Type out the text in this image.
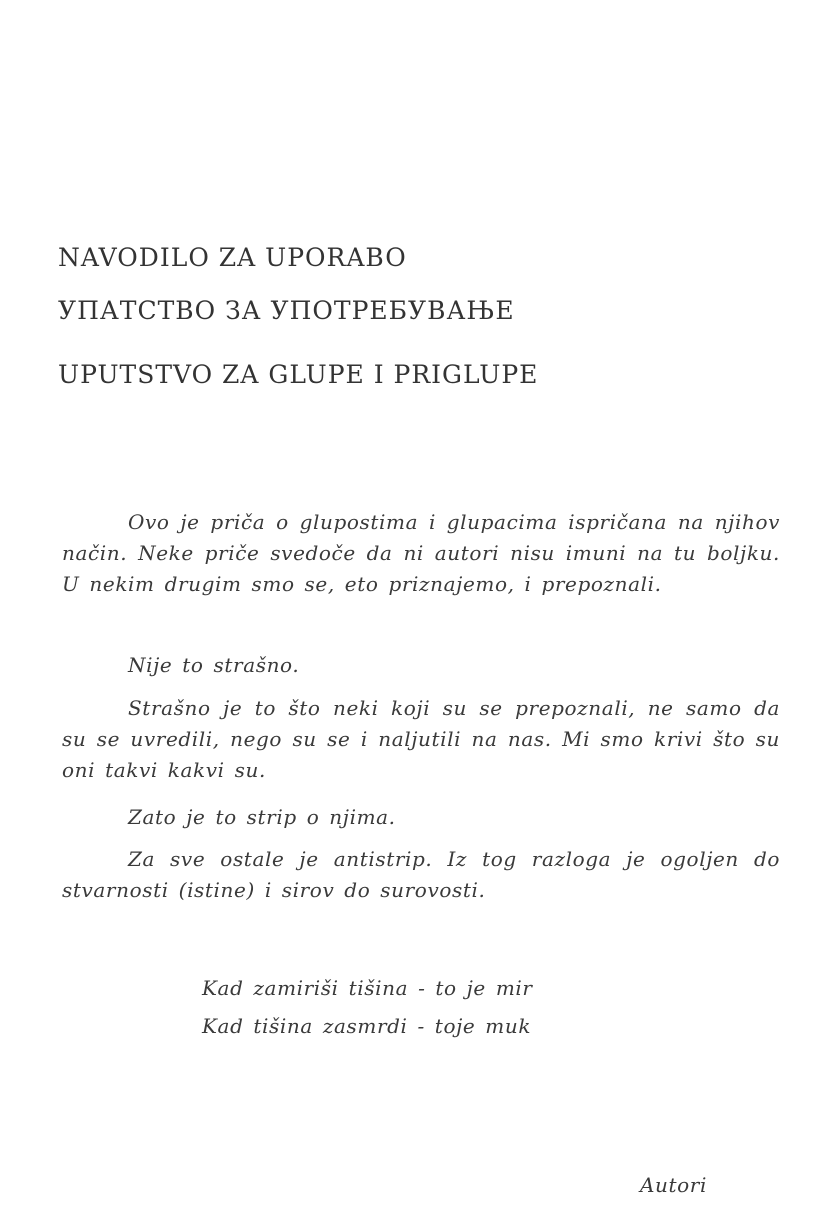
NAVODILO ZA UPORABO
УПАТСТВО ЗА УПОТРЕБУВАЊЕ
UPUTSTVO ZA GLUPE I PRIGLUPE

Ovo je priča o glupostima i glupacima ispričana na njihov način. Neke priče svedoče da ni autori nisu imuni na tu boljku. U nekim drugim smo se, eto priznajemo, i prepoznali.

Nije to strašno.

Strašno je to što neki koji su se prepoznali, ne samo da su se uvredili, nego su se i naljutili na nas. Mi smo krivi što su oni takvi kakvi su.

Zato je to strip o njima.

Za sve ostale je antistrip. Iz tog razloga je ogoljen do stvarnosti (istine) i sirov do surovosti.

Kad zamiriši tišina - to je mir

Kad tišina zasmrdi - toje muk

Autori
